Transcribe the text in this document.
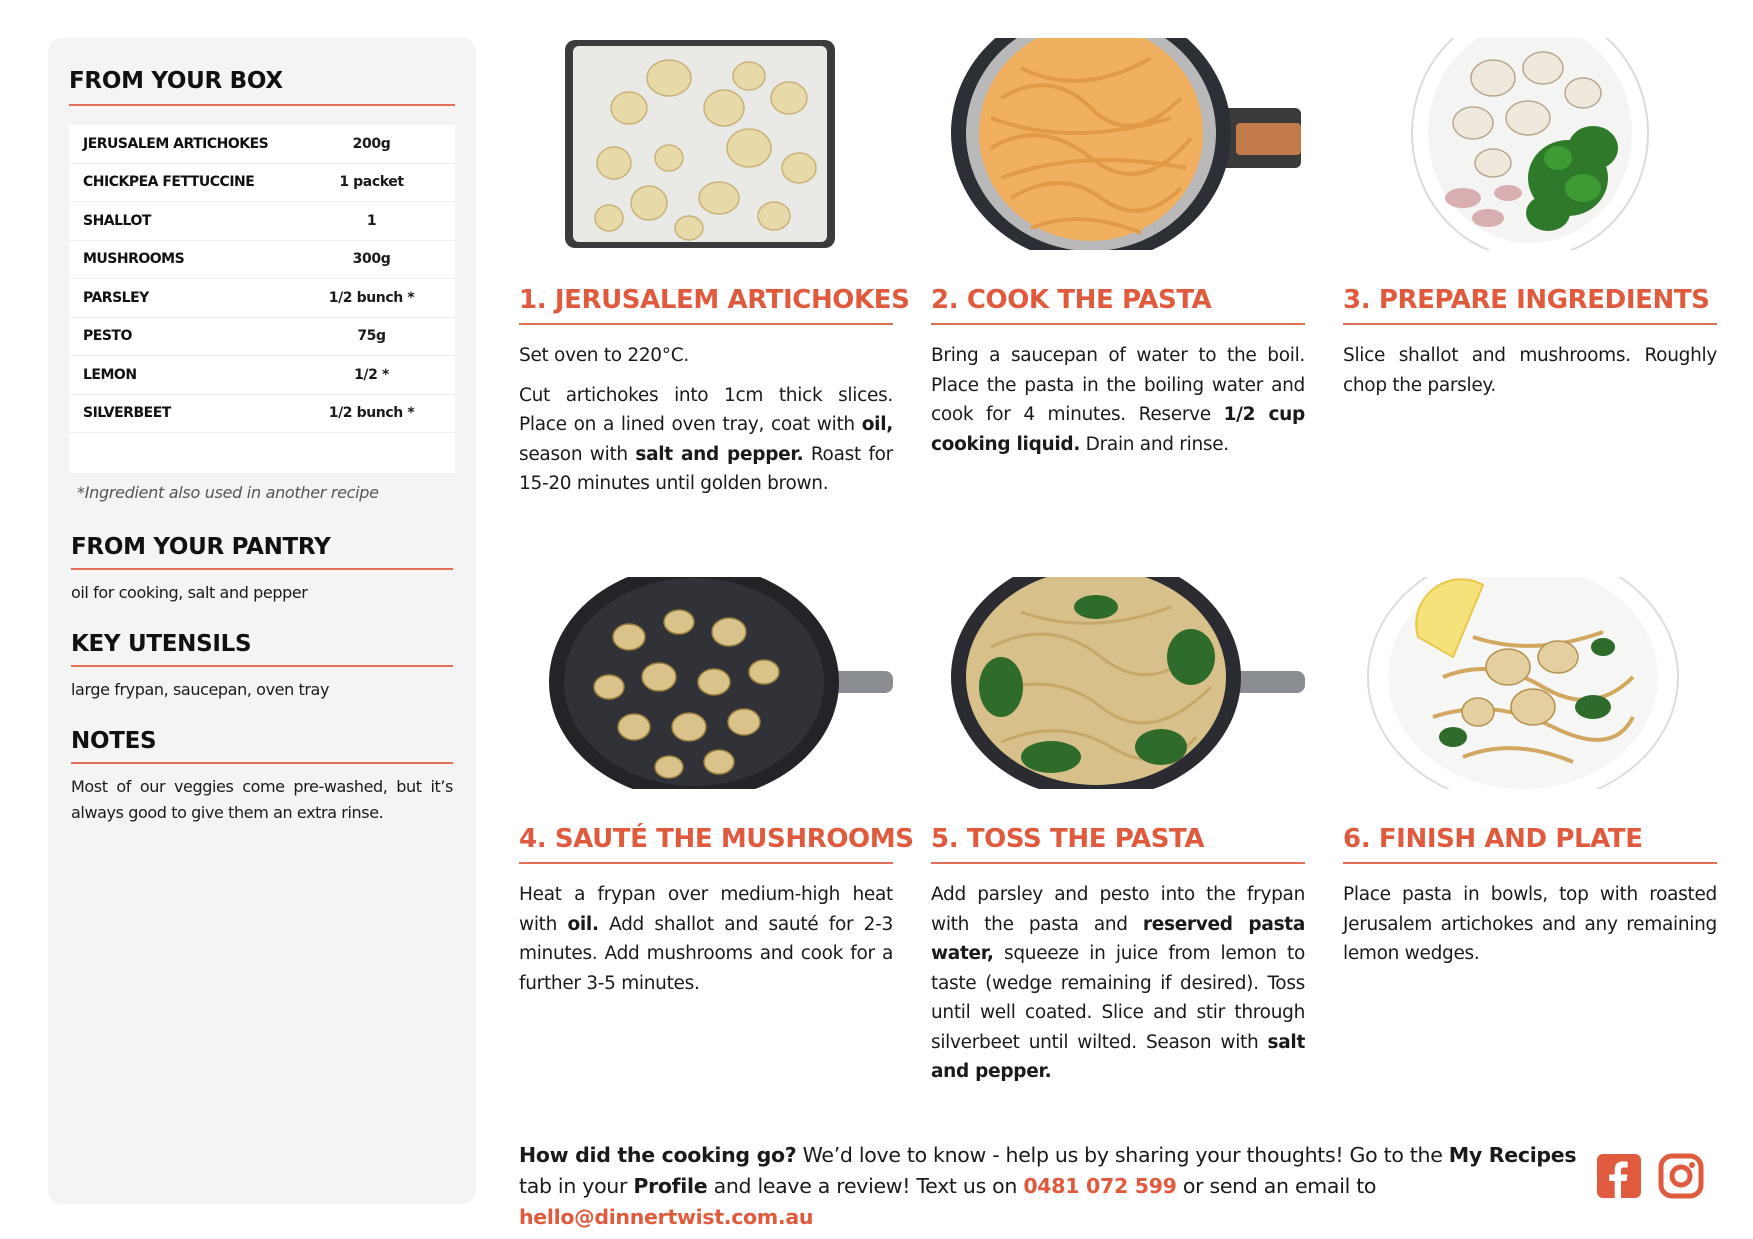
FROM YOUR BOX
JERUSALEM ARTICHOKES	200g
CHICKPEA FETTUCCINE	1 packet
SHALLOT	1
MUSHROOMS	300g
PARSLEY	1/2 bunch *
PESTO	75g
LEMON	1/2 *
SILVERBEET	1/2 bunch *
*Ingredient also used in another recipe
FROM YOUR PANTRY
oil for cooking, salt and pepper
KEY UTENSILS
large frypan, saucepan, oven tray
NOTES
Most of our veggies come pre-washed, but it’s always good to give them an extra rinse.
1. JERUSALEM ARTICHOKES

Set oven to 220°C.

Cut artichokes into 1cm thick slices. Place on a lined oven tray, coat with oil, season with salt and pepper. Roast for 15-20 minutes until golden brown.

2. COOK THE PASTA

Bring a saucepan of water to the boil. Place the pasta in the boiling water and cook for 4 minutes. Reserve 1/2 cup cooking liquid. Drain and rinse.

3. PREPARE INGREDIENTS

Slice shallot and mushrooms. Roughly chop the parsley.

4. SAUTÉ THE MUSHROOMS

Heat a frypan over medium-high heat with oil. Add shallot and sauté for 2-3 minutes. Add mushrooms and cook for a further 3-5 minutes.

5. TOSS THE PASTA

Add parsley and pesto into the frypan with the pasta and reserved pasta water, squeeze in juice from lemon to taste (wedge remaining if desired). Toss until well coated. Slice and stir through silverbeet until wilted. Season with salt and pepper.

6. FINISH AND PLATE

Place pasta in bowls, top with roasted Jerusalem artichokes and any remaining lemon wedges.

How did the cooking go? We’d love to know - help us by sharing your thoughts! Go to the My Recipes tab in your Profile and leave a review! Text us on 0481 072 599 or send an email to hello@dinnertwist.com.au
